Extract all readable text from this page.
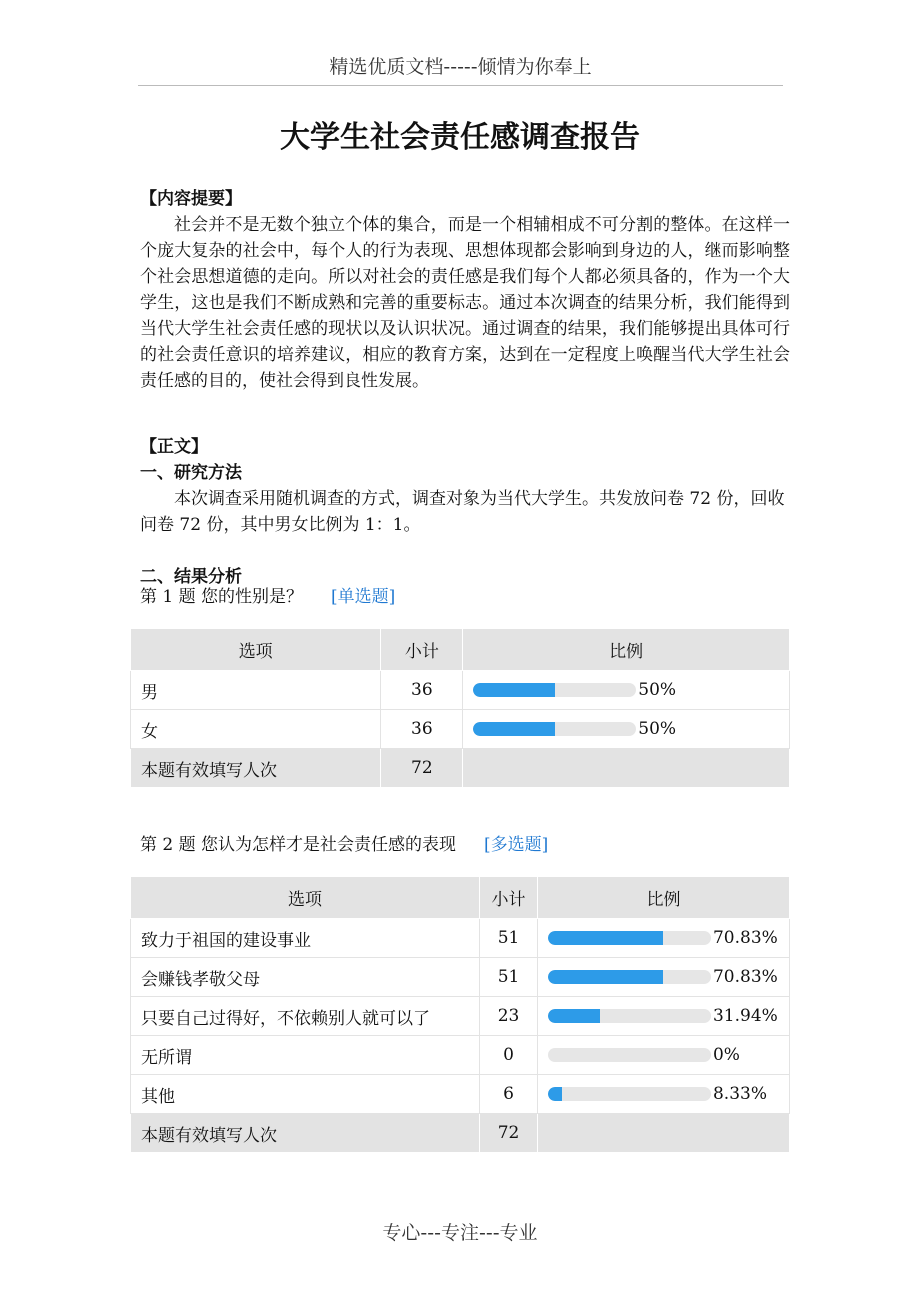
精选优质文档-----倾情为你奉上
大学生社会责任感调查报告
【内容提要】

社会并不是无数个独立个体的集合，而是一个相辅相成不可分割的整体。在这样一个庞大复杂的社会中，每个人的行为表现、思想体现都会影响到身边的人，继而影响整个社会思想道德的走向。所以对社会的责任感是我们每个人都必须具备的，作为一个大学生，这也是我们不断成熟和完善的重要标志。通过本次调查的结果分析，我们能得到当代大学生社会责任感的现状以及认识状况。通过调查的结果，我们能够提出具体可行的社会责任意识的培养建议，相应的教育方案，达到在一定程度上唤醒当代大学生社会责任感的目的，使社会得到良性发展。

【正文】
一、研究方法

本次调查采用随机调查的方式，调查对象为当代大学生。共发放问卷 72 份，回收问卷 72 份，其中男女比例为 1：1。

二、结果分析
第 1 题 您的性别是？ [单选题]
选项	小计	比例
男	36	50%

女	36	50%

本题有效填写人次	72	
第 2 题 您认为怎样才是社会责任感的表现 [多选题]
选项	小计	比例
致力于祖国的建设事业	51	70.83%

会赚钱孝敬父母	51	70.83%

只要自己过得好，不依赖别人就可以了	23	31.94%

无所谓	0	0%

其他	6	8.33%

本题有效填写人次	72	
专心---专注---专业
